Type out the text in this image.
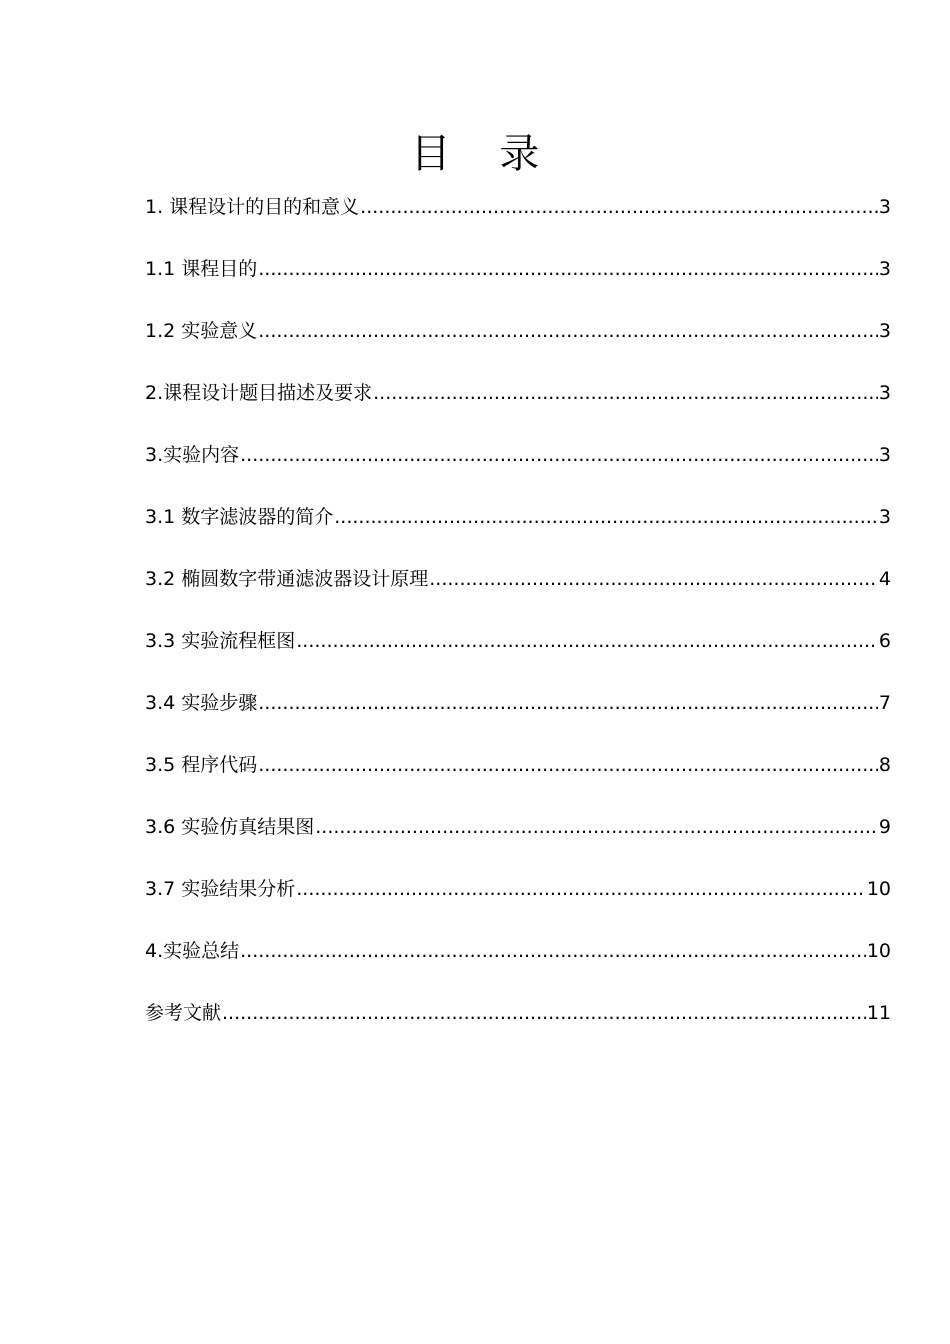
目 录
1. 课程设计的目的和意义 .....	3
1.1 课程目的 .....	3
1.2 实验意义 .....	3
2.课程设计题目描述及要求 .....	3
3.实验内容 .....	3
3.1 数字滤波器的简介 .....	3
3.2 椭圆数字带通滤波器设计原理 .....	4
3.3 实验流程框图 .....	6
3.4 实验步骤 .....	7
3.5 程序代码 .....	8
3.6 实验仿真结果图 .....	9
3.7 实验结果分析 .....	10
4.实验总结 .....	10
参考文献 .....	11
